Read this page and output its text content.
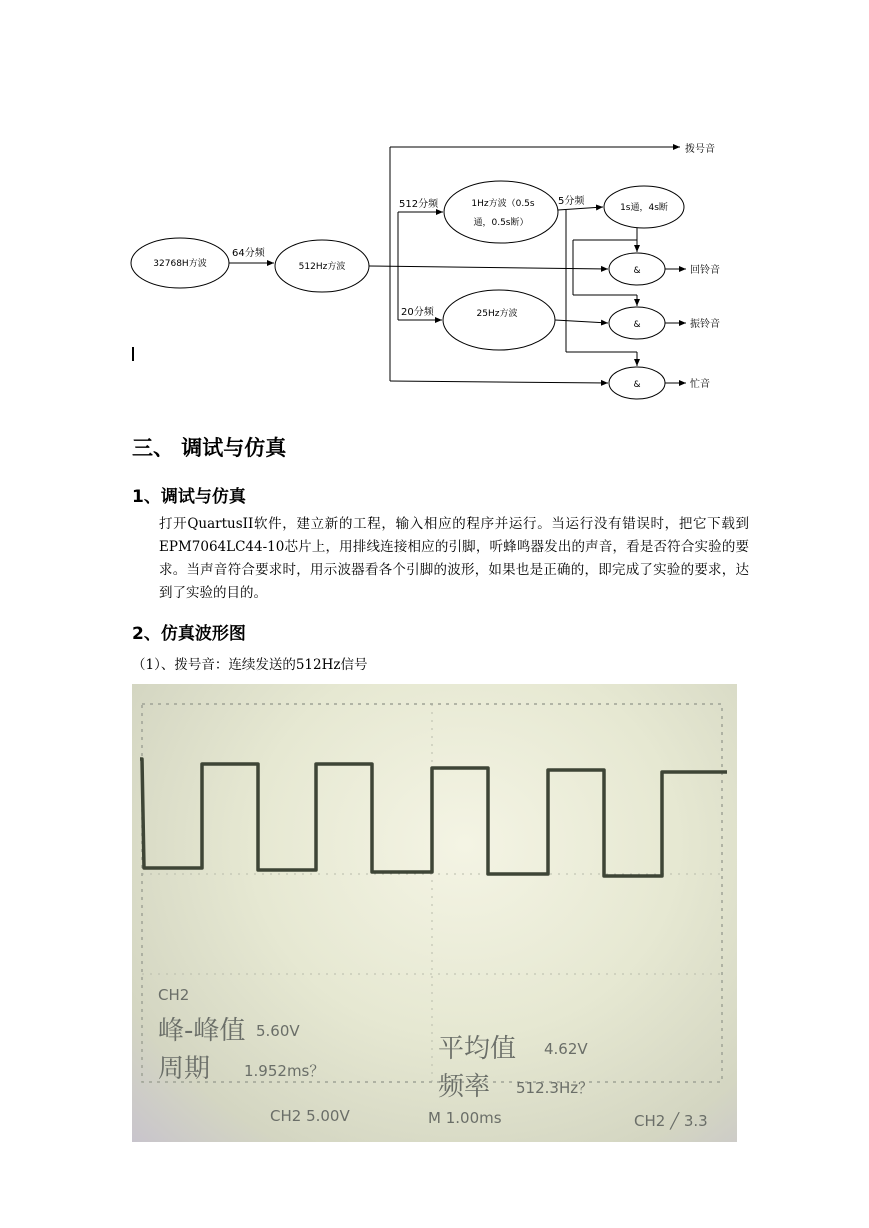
32768H方波	512Hz方波
1Hz方波（0.5s
通，0.5s断）
25Hz方波
1s通，4s断
&
&
&
64分频
512分频
20分频
5分频
拨号音
回铃音
振铃音
忙音
三、 调试与仿真
1、调试与仿真

打开QuartusII软件，建立新的工程，输入相应的程序并运行。当运行没有错误时，把它下载到EPM7064LC44-10芯片上，用排线连接相应的引脚，听蜂鸣器发出的声音，看是否符合实验的要求。当声音符合要求时，用示波器看各个引脚的波形，如果也是正确的，即完成了实验的要求，达到了实验的目的。

2、仿真波形图

（1）、拨号音：连续发送的512Hz信号

CH2

峰-峰值 5.60V

周期 1.952ms？

平均值 4.62V

频率 512.3Hz？

CH2 5.00V	M 1.00ms	CH2 ╱ 3.3
